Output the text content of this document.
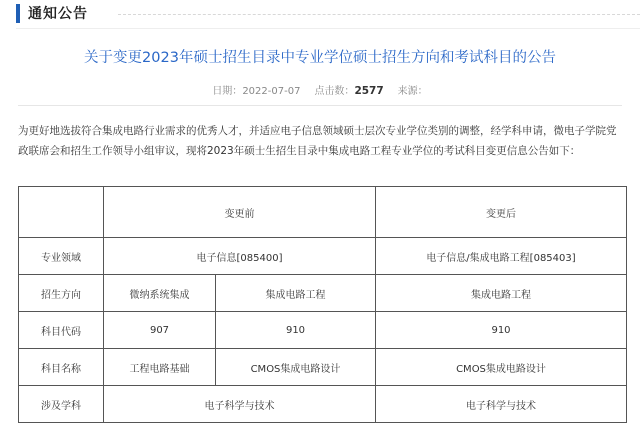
通知公告
关于变更2023年硕士招生目录中专业学位硕士招生方向和考试科目的公告
日期：2022-07-07 点击数：2577 来源：

为更好地选拔符合集成电路行业需求的优秀人才，并适应电子信息领域硕士层次专业学位类别的调整，经学科申请，微电子学院党政联席会和招生工作领导小组审议，现将2023年硕士生招生目录中集成电路工程专业学位的考试科目变更信息公告如下：

	变更前		变更后
专业领域	电子信息[085400]		电子信息/集成电路工程[085403]
招生方向	微纳系统集成	集成电路工程	集成电路工程
科目代码	907	910	910
科目名称	工程电路基础	CMOS集成电路设计	CMOS集成电路设计
涉及学科	电子科学与技术		电子科学与技术
